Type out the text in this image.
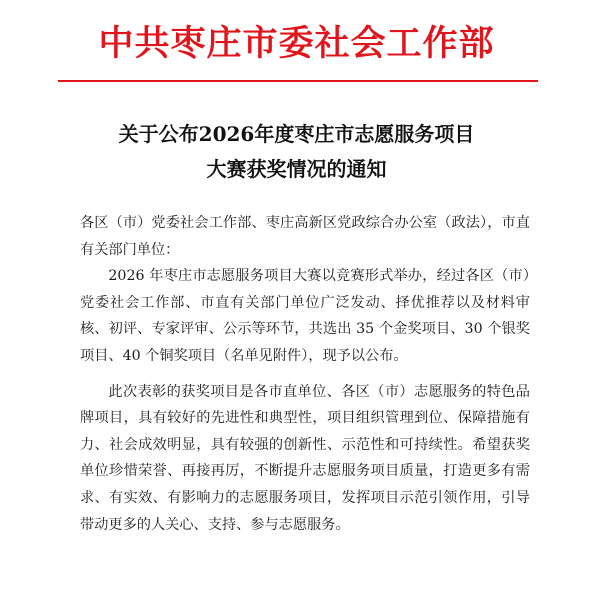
中共枣庄市委社会工作部
关于公布2026年度枣庄市志愿服务项目
大赛获奖情况的通知

各区（市）党委社会工作部、枣庄高新区党政综合办公室（政法），市直有关部门单位：

2026 年枣庄市志愿服务项目大赛以竞赛形式举办，经过各区（市）党委社会工作部、市直有关部门单位广泛发动、择优推荐以及材料审核、初评、专家评审、公示等环节，共选出 35 个金奖项目、30 个银奖项目、40 个铜奖项目（名单见附件），现予以公布。

此次表彰的获奖项目是各市直单位、各区（市）志愿服务的特色品牌项目，具有较好的先进性和典型性，项目组织管理到位、保障措施有力、社会成效明显，具有较强的创新性、示范性和可持续性。希望获奖单位珍惜荣誉、再接再厉，不断提升志愿服务项目质量，打造更多有需求、有实效、有影响力的志愿服务项目，发挥项目示范引领作用，引导带动更多的人关心、支持、参与志愿服务。
